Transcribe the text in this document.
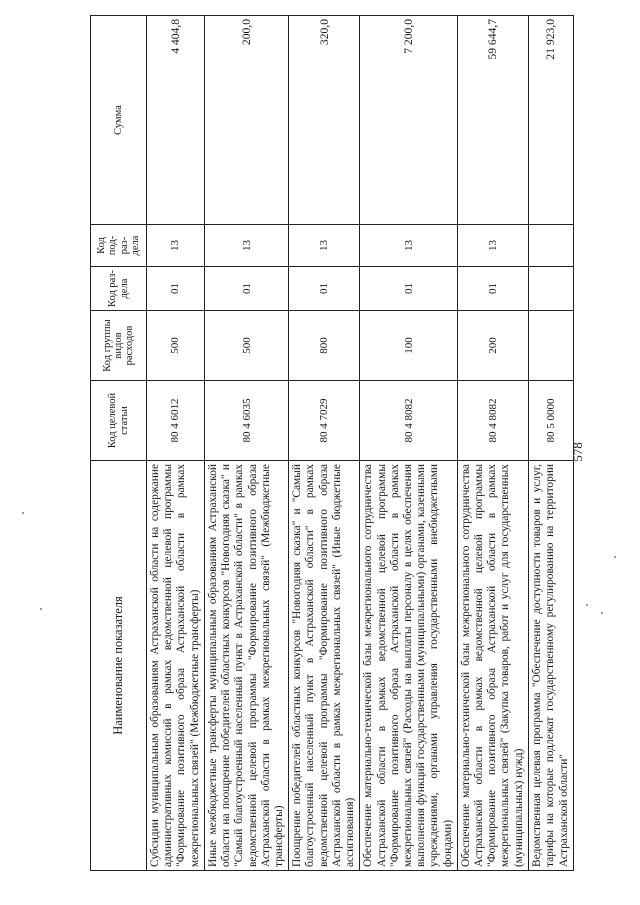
578
Наименование показателя	Код целевой статьи	Код группы видов расходов	Код раз-дела	Код под-раз-дела	Сумма
Субсидии муниципальным образованиям Астраханской области на содержание административных комиссий в рамках ведомственной целевой программы "Формирование позитивного образа Астраханской области в рамках межрегиональных связей" (Межбюджетные трансферты)	80 4 6012	500	01	13	4 404,8
Иные межбюджетные трансферты муниципальным образованиям Астраханской области на поощрение победителей областных конкурсов "Новогодняя сказка" и "Самый благоустроенный населенный пункт в Астраханской области" в рамках ведомственной целевой программы "Формирование позитивного образа Астраханской области в рамках межрегиональных связей" (Межбюджетные трансферты)	80 4 6035	500	01	13	200,0
Поощрение победителей областных конкурсов "Новогодняя сказка" и "Самый благоустроенный населенный пункт в Астраханской области" в рамках ведомственной целевой программы "Формирование позитивного образа Астраханской области в рамках межрегиональных связей" (Иные бюджетные ассигнования)	80 4 7029	800	01	13	320,0
Обеспечение материально-технической базы межрегионального сотрудничества Астраханской области в рамках ведомственной целевой программы "Формирование позитивного образа Астраханской области в рамках межрегиональных связей" (Расходы на выплаты персоналу в целях обеспечения выполнения функций государственными (муниципальными) органами, казенными учреждениями, органами управления государственными внебюджетными фондами)	80 4 8082	100	01	13	7 200,0
Обеспечение материально-технической базы межрегионального сотрудничества Астраханской области в рамках ведомственной целевой программы "Формирование позитивного образа Астраханской области в рамках межрегиональных связей" (Закупка товаров, работ и услуг для государственных (муниципальных) нужд)	80 4 8082	200	01	13	59 644,7
Ведомственная целевая программа "Обеспечение доступности товаров и услуг, тарифы на которые подлежат государственному регулированию на территории Астраханской области"	80 5 0000				21 923,0
